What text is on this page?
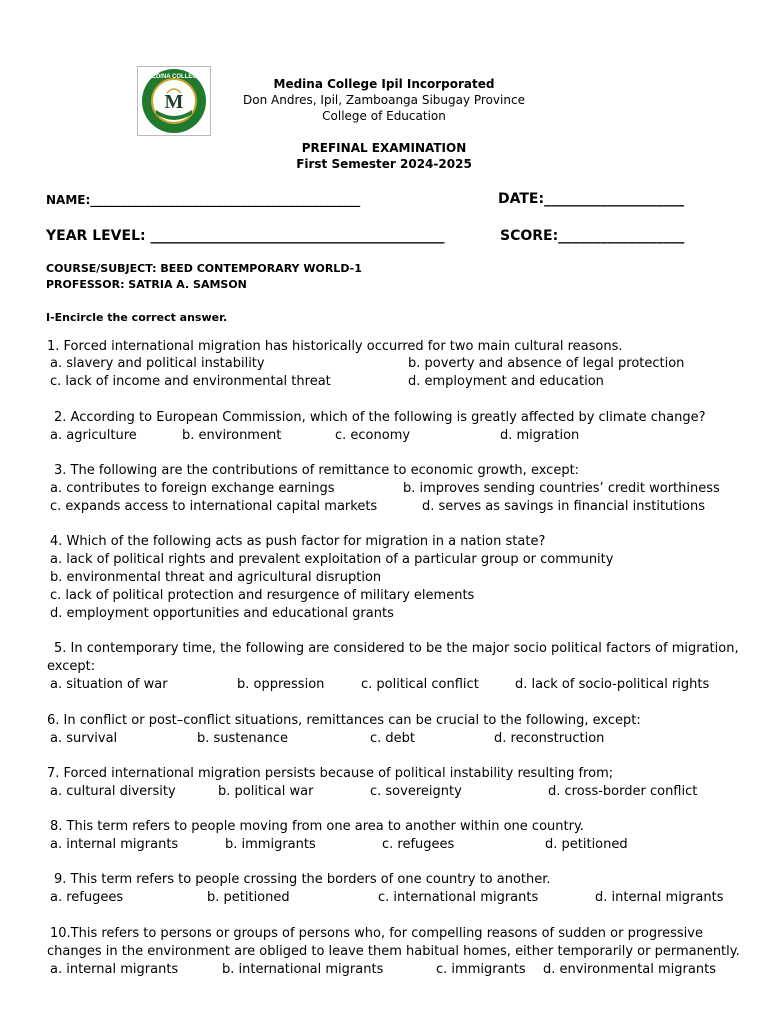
M
MEDINA COLLEGE	Medina College Ipil Incorporated
Don Andres, Ipil, Zamboanga Sibugay Province
College of Education
PREFINAL EXAMINATION
First Semester 2024-2025
NAME:_____________________________________________	DATE:____________________
YEAR LEVEL: __________________________________________	SCORE:__________________
COURSE/SUBJECT: BEED CONTEMPORARY WORLD-1
PROFESSOR: SATRIA A. SAMSON
I-Encircle the correct answer.
1. Forced international migration has historically occurred for two main cultural reasons.
a. slavery and political instability	b. poverty and absence of legal protection
c. lack of income and environmental threat	d. employment and education
2. According to European Commission, which of the following is greatly affected by climate change?
a. agriculture	b. environment	c. economy	d. migration
3. The following are the contributions of remittance to economic growth, except:
a. contributes to foreign exchange earnings	b. improves sending countries’ credit worthiness
c. expands access to international capital markets	d. serves as savings in financial institutions
4. Which of the following acts as push factor for migration in a nation state?
a. lack of political rights and prevalent exploitation of a particular group or community
b. environmental threat and agricultural disruption
c. lack of political protection and resurgence of military elements
d. employment opportunities and educational grants
5. In contemporary time, the following are considered to be the major socio political factors of migration,
except:
a. situation of war	b. oppression	c. political conflict	d. lack of socio-political rights
6. In conflict or post–conflict situations, remittances can be crucial to the following, except:
a. survival	b. sustenance	c. debt	d. reconstruction
7. Forced international migration persists because of political instability resulting from;
a. cultural diversity	b. political war	c. sovereignty	d. cross-border conflict
8. This term refers to people moving from one area to another within one country.
a. internal migrants	b. immigrants	c. refugees	d. petitioned
9. This term refers to people crossing the borders of one country to another.
a. refugees	b. petitioned	c. international migrants	d. internal migrants
10.This refers to persons or groups of persons who, for compelling reasons of sudden or progressive
changes in the environment are obliged to leave them habitual homes, either temporarily or permanently.
a. internal migrants	b. international migrants	c. immigrants d. environmental migrants
